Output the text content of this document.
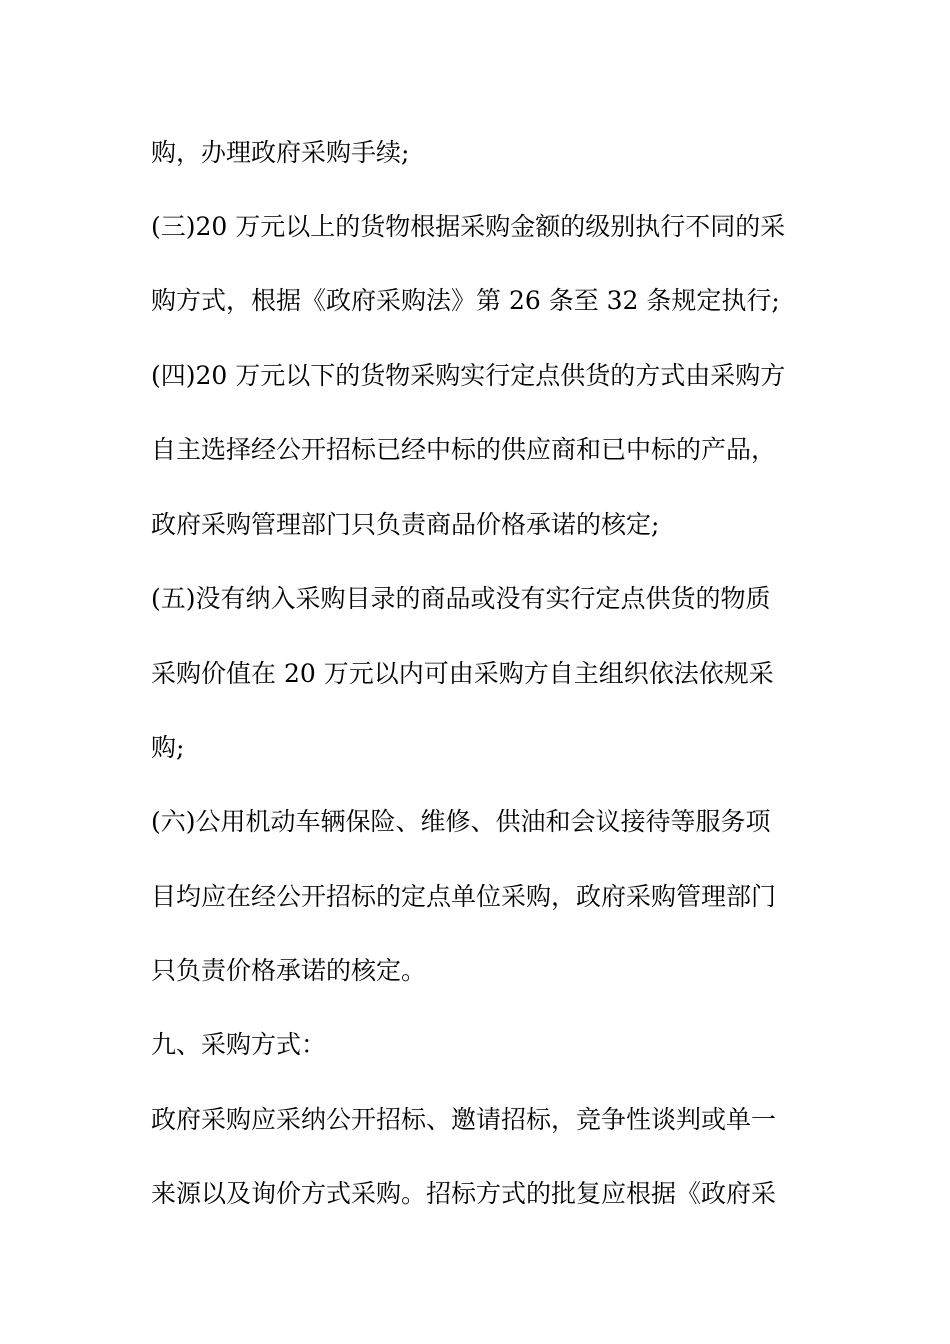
购，办理政府采购手续;

(三)20 万元以上的货物根据采购金额的级别执行不同的采

购方式，根据《政府采购法》第 26 条至 32 条规定执行;

(四)20 万元以下的货物采购实行定点供货的方式由采购方

自主选择经公开招标已经中标的供应商和已中标的产品，

政府采购管理部门只负责商品价格承诺的核定;

(五)没有纳入采购目录的商品或没有实行定点供货的物质

采购价值在 20 万元以内可由采购方自主组织依法依规采

购;

(六)公用机动车辆保险、维修、供油和会议接待等服务项

目均应在经公开招标的定点单位采购，政府采购管理部门

只负责价格承诺的核定。

九、采购方式：

政府采购应采纳公开招标、邀请招标，竞争性谈判或单一

来源以及询价方式采购。招标方式的批复应根据《政府采
